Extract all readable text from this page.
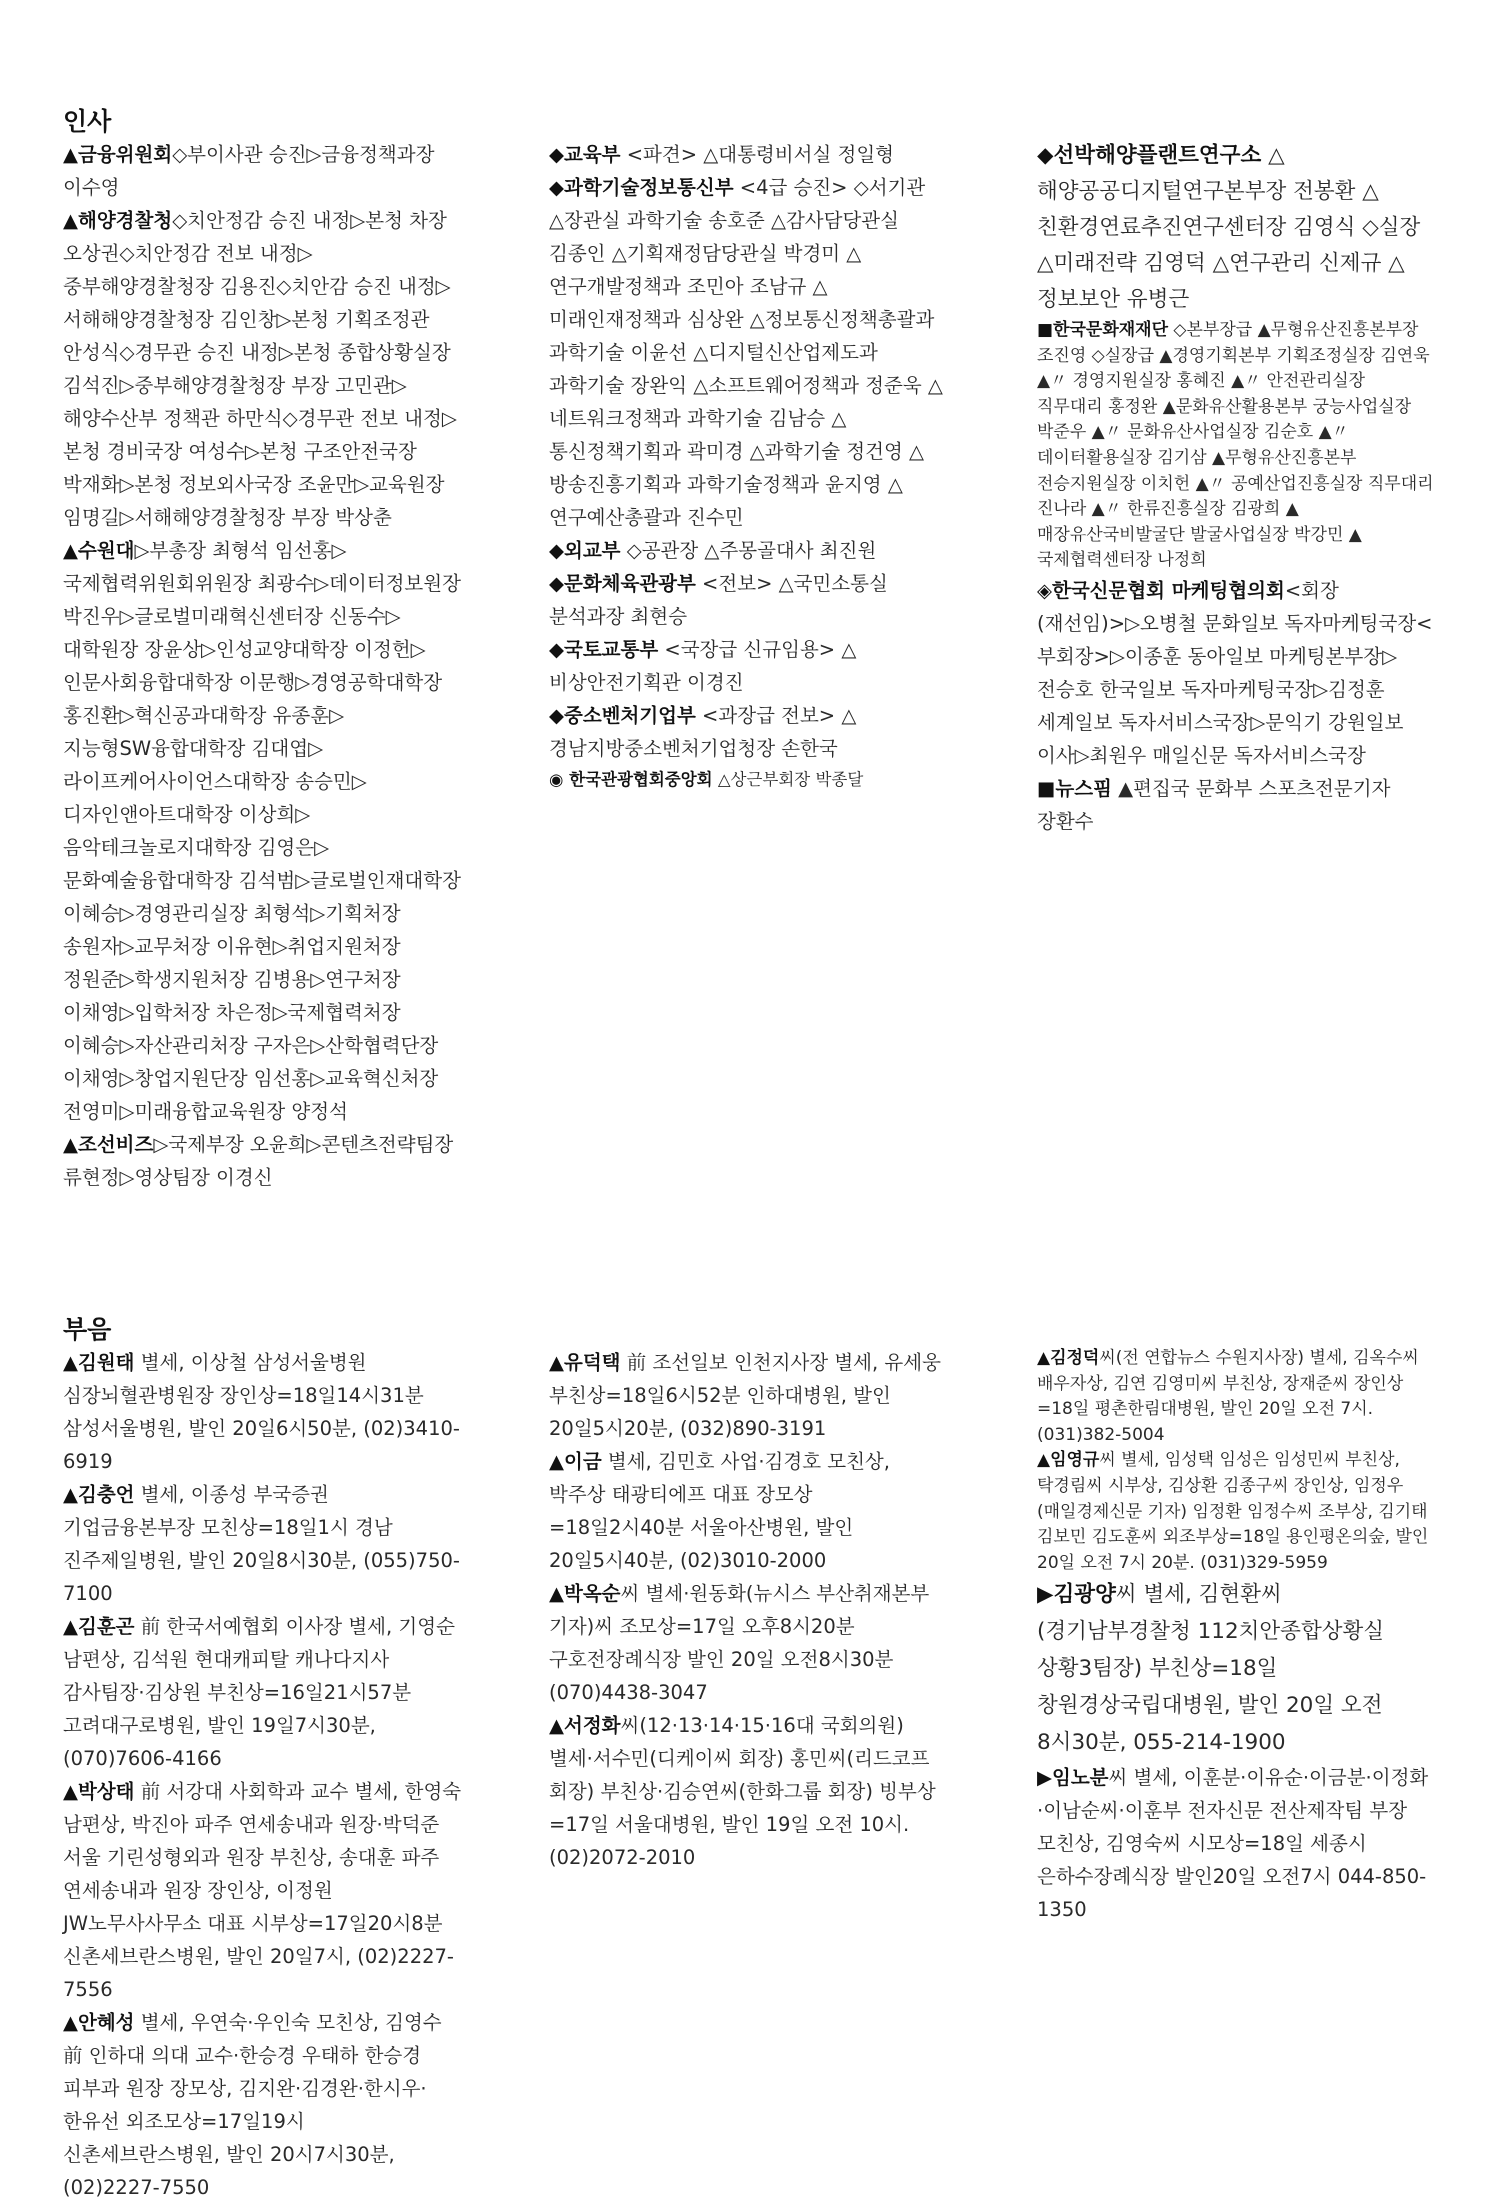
인사

▲금융위원회◇부이사관 승진▷금융정책과장 이수영

▲해양경찰청◇치안정감 승진 내정▷본청 차장 오상권◇치안정감 전보 내정▷중부해양경찰청장 김용진◇치안감 승진 내정▷서해해양경찰청장 김인창▷본청 기획조정관 안성식◇경무관 승진 내정▷본청 종합상황실장 김석진▷중부해양경찰청장 부장 고민관▷해양수산부 정책관 하만식◇경무관 전보 내정▷본청 경비국장 여성수▷본청 구조안전국장 박재화▷본청 정보외사국장 조윤만▷교육원장 임명길▷서해해양경찰청장 부장 박상춘

▲수원대▷부총장 최형석 임선홍▷국제협력위원회위원장 최광수▷데이터정보원장 박진우▷글로벌미래혁신센터장 신동수▷대학원장 장윤상▷인성교양대학장 이정헌▷인문사회융합대학장 이문행▷경영공학대학장 홍진환▷혁신공과대학장 유종훈▷지능형SW융합대학장 김대엽▷라이프케어사이언스대학장 송승민▷디자인앤아트대학장 이상희▷음악테크놀로지대학장 김영은▷문화예술융합대학장 김석범▷글로벌인재대학장 이혜승▷경영관리실장 최형석▷기획처장 송원자▷교무처장 이유현▷취업지원처장 정원준▷학생지원처장 김병용▷연구처장 이채영▷입학처장 차은정▷국제협력처장 이혜승▷자산관리처장 구자은▷산학협력단장 이채영▷창업지원단장 임선홍▷교육혁신처장 전영미▷미래융합교육원장 양정석

▲조선비즈▷국제부장 오윤희▷콘텐츠전략팀장 류현정▷영상팀장 이경신

◆교육부 <파견> △대통령비서실 정일형

◆과학기술정보통신부 <4급 승진> ◇서기관 △장관실 과학기술 송호준 △감사담당관실 김종인 △기획재정담당관실 박경미 △연구개발정책과 조민아 조남규 △미래인재정책과 심상완 △정보통신정책총괄과 과학기술 이윤선 △디지털신산업제도과 과학기술 장완익 △소프트웨어정책과 정준욱 △네트워크정책과 과학기술 김남승 △통신정책기획과 곽미경 △과학기술 정건영 △방송진흥기획과 과학기술정책과 윤지영 △연구예산총괄과 진수민

◆외교부 ◇공관장 △주몽골대사 최진원

◆문화체육관광부 <전보> △국민소통실 분석과장 최현승

◆국토교통부 <국장급 신규임용> △비상안전기획관 이경진

◆중소벤처기업부 <과장급 전보> △경남지방중소벤처기업청장 손한국

◉ 한국관광협회중앙회 △상근부회장 박종달

◆선박해양플랜트연구소 △해양공공디지털연구본부장 전봉환 △친환경연료추진연구센터장 김영식 ◇실장 △미래전략 김영덕 △연구관리 신제규 △정보보안 유병근

■한국문화재재단 ◇본부장급 ▲무형유산진흥본부장 조진영 ◇실장급 ▲경영기획본부 기획조정실장 김연욱 ▲〃 경영지원실장 홍혜진 ▲〃 안전관리실장 직무대리 홍정완 ▲문화유산활용본부 궁능사업실장 박준우 ▲〃 문화유산사업실장 김순호 ▲〃 데이터활용실장 김기삼 ▲무형유산진흥본부 전승지원실장 이치헌 ▲〃 공예산업진흥실장 직무대리 진나라 ▲〃 한류진흥실장 김광희 ▲매장유산국비발굴단 발굴사업실장 박강민 ▲국제협력센터장 나정희

◈한국신문협회 마케팅협의회<회장(재선임)>▷오병철 문화일보 독자마케팅국장<부회장>▷이종훈 동아일보 마케팅본부장▷전승호 한국일보 독자마케팅국장▷김정훈 세계일보 독자서비스국장▷문익기 강원일보 이사▷최원우 매일신문 독자서비스국장

■뉴스핌 ▲편집국 문화부 스포츠전문기자 장환수

부음

▲김원태 별세, 이상철 삼성서울병원 심장뇌혈관병원장 장인상=18일14시31분 삼성서울병원, 발인 20일6시50분, (02)3410-6919

▲김충언 별세, 이종성 부국증권 기업금융본부장 모친상=18일1시 경남 진주제일병원, 발인 20일8시30분, (055)750-7100

▲김훈곤 前 한국서예협회 이사장 별세, 기영순 남편상, 김석원 현대캐피탈 캐나다지사 감사팀장·김상원 부친상=16일21시57분 고려대구로병원, 발인 19일7시30분, (070)7606-4166

▲박상태 前 서강대 사회학과 교수 별세, 한영숙 남편상, 박진아 파주 연세송내과 원장·박덕준 서울 기린성형외과 원장 부친상, 송대훈 파주 연세송내과 원장 장인상, 이정원 JW노무사사무소 대표 시부상=17일20시8분 신촌세브란스병원, 발인 20일7시, (02)2227-7556

▲안혜성 별세, 우연숙·우인숙 모친상, 김영수 前 인하대 의대 교수·한승경 우태하 한승경 피부과 원장 장모상, 김지완·김경완·한시우·한유선 외조모상=17일19시 신촌세브란스병원, 발인 20시7시30분, (02)2227-7550

▲유덕택 前 조선일보 인천지사장 별세, 유세웅 부친상=18일6시52분 인하대병원, 발인 20일5시20분, (032)890-3191

▲이금 별세, 김민호 사업·김경호 모친상, 박주상 태광티에프 대표 장모상=18일2시40분 서울아산병원, 발인 20일5시40분, (02)3010-2000

▲박옥순씨 별세·원동화(뉴시스 부산취재본부 기자)씨 조모상=17일 오후8시20분 구호전장례식장 발인 20일 오전8시30분 (070)4438-3047

▲서정화씨(12·13·14·15·16대 국회의원) 별세·서수민(디케이씨 회장) 홍민씨(리드코프 회장) 부친상·김승연씨(한화그룹 회장) 빙부상=17일 서울대병원, 발인 19일 오전 10시. (02)2072-2010

▲김정덕씨(전 연합뉴스 수원지사장) 별세, 김옥수씨 배우자상, 김연 김영미씨 부친상, 장재준씨 장인상=18일 평촌한림대병원, 발인 20일 오전 7시. (031)382-5004

▲임영규씨 별세, 임성택 임성은 임성민씨 부친상, 탁경림씨 시부상, 김상환 김종구씨 장인상, 임정우(매일경제신문 기자) 임정환 임정수씨 조부상, 김기태 김보민 김도훈씨 외조부상=18일 용인평온의숲, 발인 20일 오전 7시 20분. (031)329-5959

▶김광양씨 별세, 김현환씨(경기남부경찰청 112치안종합상황실 상황3팀장) 부친상=18일 창원경상국립대병원, 발인 20일 오전 8시30분, 055-214-1900

▶임노분씨 별세, 이훈분·이유순·이금분·이정화·이남순씨·이훈부 전자신문 전산제작팀 부장 모친상, 김영숙씨 시모상=18일 세종시 은하수장례식장 발인20일 오전7시 044-850-1350
